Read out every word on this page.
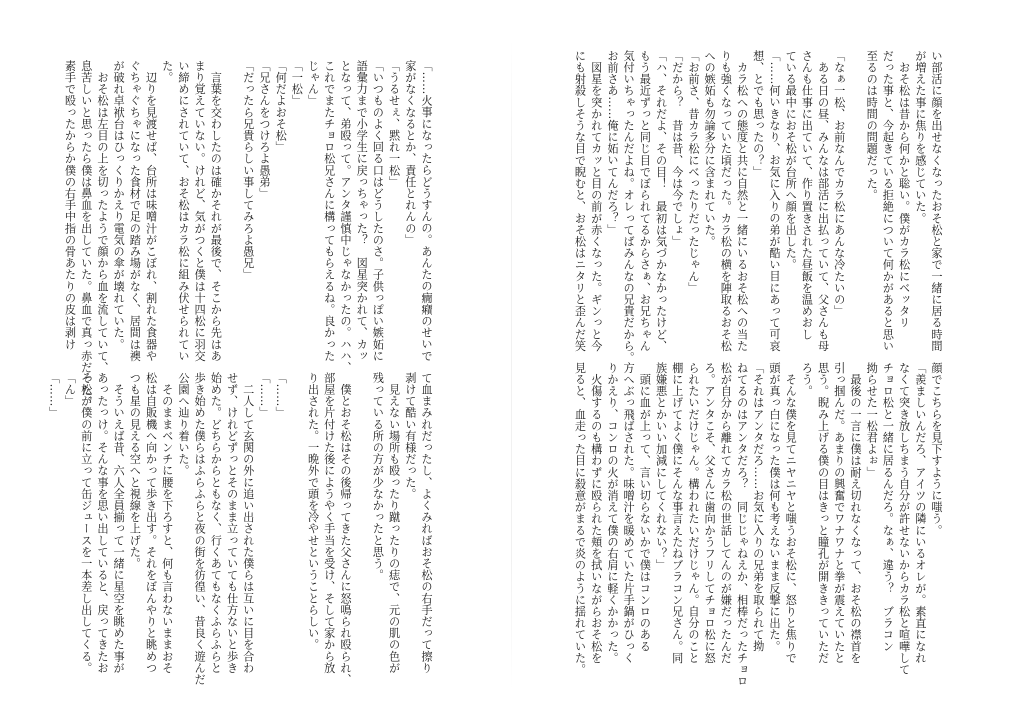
い部活に顔を出せなくなったおそ松と家で一緒に居る時間
が増えた事に焦りを感じていた。
　おそ松は昔から何かと聡い。僕がカラ松にベッタリ
だった事と、今起きている拒絶について何かがあると思い
至るのは時間の問題だった。

「なぁ一松、お前なんでカラ松にあんな冷たいの」
　ある日の昼、みんなは部活に出払っていて、父さんも母
さんも仕事に出ていて、作り置きされた昼飯を温めおし
ている最中におそ松が台所へ顔を出した。
「……何いきなり、お気に入りの弟が酷い目にあって可哀
想、とでも思ったの？」
　カラ松への態度と共に自然と一緒にいるおそ松への当た
りも強くなっていた頃だった。カラ松の横を陣取るおそ松
への嫉妬も勿論多分に含まれていた。
「お前さ、昔カラ松にべったりだったじゃん」
「だから？　昔は昔、今は今でしょ」
「ハ、それだよ、その目！　最初は気づかなかったけど、
もう最近ずっと同じ目でぼられてるからさぁ、お兄ちゃん
気付いちゃったんだよね。オレってばみんなの兄貴だから。
お前さあ……俺に妬いてんだろ？」
　図星を突かれてカッと目の前が赤くなった。ギンっと今
にも射殺しそうな目で睨むと、おそ松はニタリと歪んだ笑
顔でこちらを見下すように嗤う。
「羨ましいんだろ、アイツの隣にいるオレが。素直になれ
なくて突き放しちまう自分が許せないからカラ松と喧嘩して
チョロ松と一緒に居るんだろ。なぁ、違う？　ブラコン
拗らせた一松君よぉ」
　最後の一言に僕は耐え切れなくなって、おそ松の襟首を
引っ掴んだ。あまりの興奮でワナワナと拳が震えていたと
思う。睨み上げる僕の目はきっと瞳孔が開ききっていただ
ろう。
　そんな僕を見てニヤニヤと嗤うおそ松に、怒りと焦りで
頭が真っ白になった僕は何も考えないまま反撃に出た。
「それはアンタだろ……お気に入りの兄弟を取られて拗
ねてるのはアンタだろ？　同じじゃねえか、相棒だったチョロ
松が自分から離れてカラ松の世話してんのが嫌だったんだ
ろ。アンタこそ、父さんに歯向かうフリしてチョロ松に怒
られたいだけじゃん。構われたいだけじゃん。自分のこと
棚に上げてよく僕にそんな事言えたねブラコン兄さん。同
族嫌悪とかいい加減にしてくれない？」
　頭に血が上って、言い切らないかで僕はコンロのある
方へぶっ飛ばされた。味噌汁を暖めていた片手鍋がひっく
りかえり、コンロの火が消えて僕の右肩に軽くかかった。
　火傷するのも構わずに殴られた頬を拭いながらおそ松を
見ると、血走った目に殺意がまるで炎のように揺れていた。
「……火事になったらどうすんの。あんたの癇癪のせいで
家がなくなるとか、責任とれんの」
「うるせぇ、黙れ一松」
「いつものよく回る口はどうしたのさ。子供っぽい嫉妬に
語彙力まで小学生に戻っちゃった？　図星突かれて、カッ
となって、弟殴って。アンタ謹慎中じゃなかったの。ハハ、
これでまたチョロ松兄さんに構ってもらえるね。良かった
じゃん」
「一松」
「何だよおそ松」
「兄さんをつけろよ愚弟」
「だったら兄貴らしい事してみろよ愚兄」

　言葉を交わしたのは確かそれが最後で、そこから先はあ
まり覚えていない。けれど、気がつくと僕は十四松に羽交
い締めにされていて、おそ松はカラ松に組み伏せられてい
た。
　辺りを見渡せば、台所は味噌汁がこぼれ、割れた食器や
ぐちゃぐちゃになった食材で足の踏み場がなく、居間は襖
が破れ卓袱台はひっくりかえり電気の傘が壊れていた。
　おそ松は左目の上を切ったようで顔から血を流していて、
息苦しいと思ったら僕は鼻血を出していた。鼻血で真っ赤だった。
素手で殴ったからか僕の右手中指の骨あたりの皮は剥け
て血まみれだったし、よくみればおそ松の右手だって擦り
剥けて酷い有様だった。
　見えない場所も殴ったり蹴ったりの痣で、元の肌の色が
残っている所の方が少なかったと思う。

　僕とおそ松はその後帰ってきた父さんに怒鳴られ殴られ、
部屋を片付けた後にようやく手当を受け、そして家から放
り出された。一晩外で頭を冷やせということらしい。

「……」
「……」
　二人して玄関の外に追い出された僕らは互いに目を合わ
せず、けれどずっとそのまま立っていても仕方ないと歩き
始めた。どちらからともなく、行くあてもなくふらふらと
歩き始めた僕らはふらふらと夜の街を彷徨い、昔良く遊んだ
公園へ辿り着いた。
　そのままベンチに腰を下ろすと、何も言わないままおそ
松は自販機へ向かって歩き出す。それをぼんやりと眺めつ
つも星の見える空へと視線を上げた。
　そういえば昔、六人全員揃って一緒に星空を眺めた事が
あったっけ。そんな事を思い出していると、戻ってきたお
そ松が僕の前に立って缶ジュースを一本差し出してくる。
「ん」
「……」
